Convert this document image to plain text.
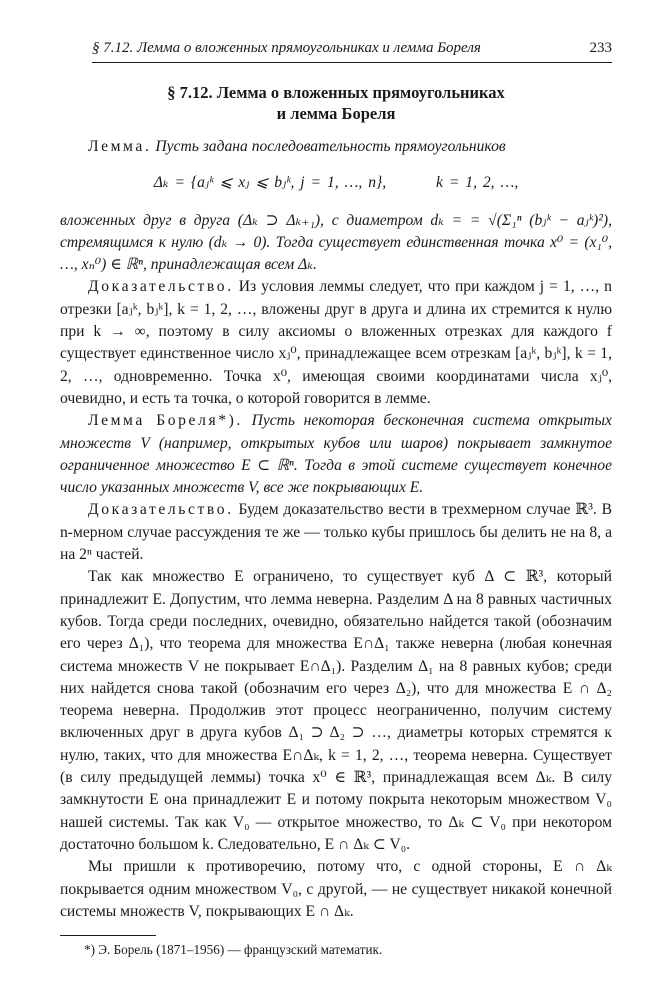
§ 7.12. Лемма о вложенных прямоугольниках и лемма Бореля	233
§ 7.12. Лемма о вложенных прямоугольниках
и лемма Бореля

Лемма. Пусть задана последовательность прямоугольников

Δₖ = {aⱼᵏ ⩽ xⱼ ⩽ bⱼᵏ, j = 1, …, n},	k = 1, 2, …,

вложенных друг в друга (Δₖ ⊃ Δₖ₊₁), с диаметром dₖ = = √(Σ₁ⁿ (bⱼᵏ − aⱼᵏ)²), стремящимся к нулю (dₖ → 0). Тогда существует единственная точка x⁰ = (x₁⁰, …, xₙ⁰) ∈ ℝⁿ, принадлежащая всем Δₖ.

Доказательство. Из условия леммы следует, что при каждом j = 1, …, n отрезки [aⱼᵏ, bⱼᵏ], k = 1, 2, …, вложены друг в друга и длина их стремится к нулю при k → ∞, поэтому в силу аксиомы о вложенных отрезках для каждого f существует единственное число xⱼ⁰, принадлежащее всем отрезкам [aⱼᵏ, bⱼᵏ], k = 1, 2, …, одновременно. Точка x⁰, имеющая своими координатами числа xⱼ⁰, очевидно, и есть та точка, о которой говорится в лемме.

Лемма Бореля*). Пусть некоторая бесконечная система открытых множеств V (например, открытых кубов или шаров) покрывает замкнутое ограниченное множество E ⊂ ℝⁿ. Тогда в этой системе существует конечное число указанных множеств V, все же покрывающих E.

Доказательство. Будем доказательство вести в трехмерном случае ℝ³. В n-мерном случае рассуждения те же — только кубы пришлось бы делить не на 8, а на 2ⁿ частей.

Так как множество E ограничено, то существует куб Δ ⊂ ℝ³, который принадлежит E. Допустим, что лемма неверна. Разделим Δ на 8 равных частичных кубов. Тогда среди последних, очевидно, обязательно найдется такой (обозначим его через Δ₁), что теорема для множества E∩Δ₁ также неверна (любая конечная система множеств V не покрывает E∩Δ₁). Разделим Δ₁ на 8 равных кубов; среди них найдется снова такой (обозначим его через Δ₂), что для множества E ∩ Δ₂ теорема неверна. Продолжив этот процесс неограниченно, получим систему включенных друг в друга кубов Δ₁ ⊃ Δ₂ ⊃ …, диаметры которых стремятся к нулю, таких, что для множества E∩Δₖ, k = 1, 2, …, теорема неверна. Существует (в силу предыдущей леммы) точка x⁰ ∈ ℝ³, принадлежащая всем Δₖ. В силу замкнутости E она принадлежит E и потому покрыта некоторым множеством V₀ нашей системы. Так как V₀ — открытое множество, то Δₖ ⊂ V₀ при некотором достаточно большом k. Следовательно, E ∩ Δₖ ⊂ V₀.

Мы пришли к противоречию, потому что, с одной стороны, E ∩ Δₖ покрывается одним множеством V₀, с другой, — не существует никакой конечной системы множеств V, покрывающих E ∩ Δₖ.

*) Э. Борель (1871–1956) — французский математик.
